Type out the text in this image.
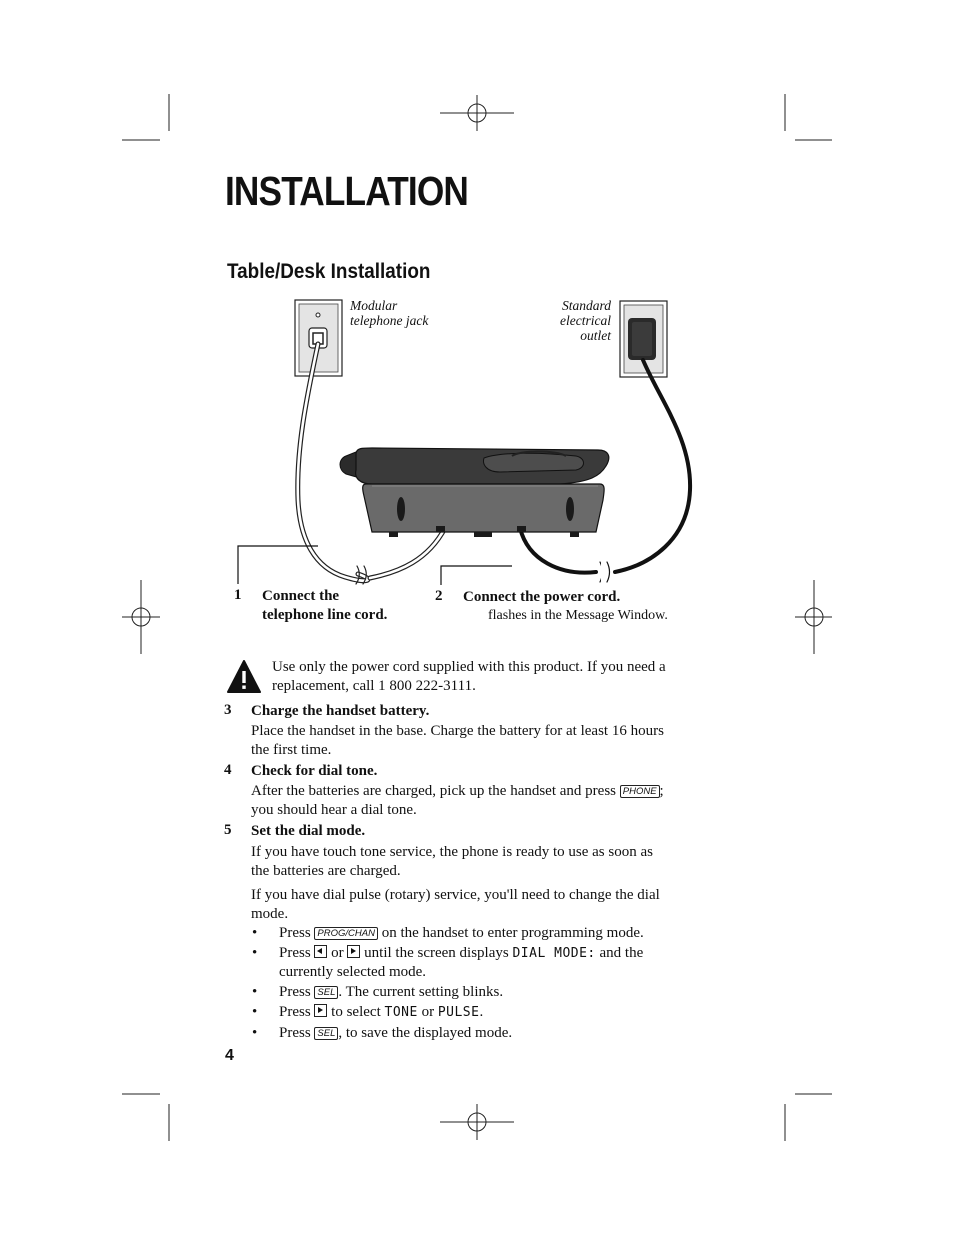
INSTALLATION
Table/Desk Installation
Modular
telephone jack
Standard
electrical
outlet
1 Connect the
telephone line cord.
2 Connect the power cord.
flashes in the Message Window.
Use only the power cord supplied with this product. If you need a
replacement, call 1 800 222-3111.
3 Charge the handset battery.
Place the handset in the base. Charge the battery for at least 16 hours
the first time.
4 Check for dial tone.
After the batteries are charged, pick up the handset and press PHONE ;
you should hear a dial tone.
5 Set the dial mode.
If you have touch tone service, the phone is ready to use as soon as
the batteries are charged.
If you have dial pulse (rotary) service, you'll need to change the dial
mode.
• Press PROG/CHAN on the handset to enter programming mode.
• Press or until the screen displays DIAL MODE: and the
currently selected mode.
• Press SEL . The current setting blinks.
• Press to select TONE or PULSE.
• Press SEL , to save the displayed mode.
4
